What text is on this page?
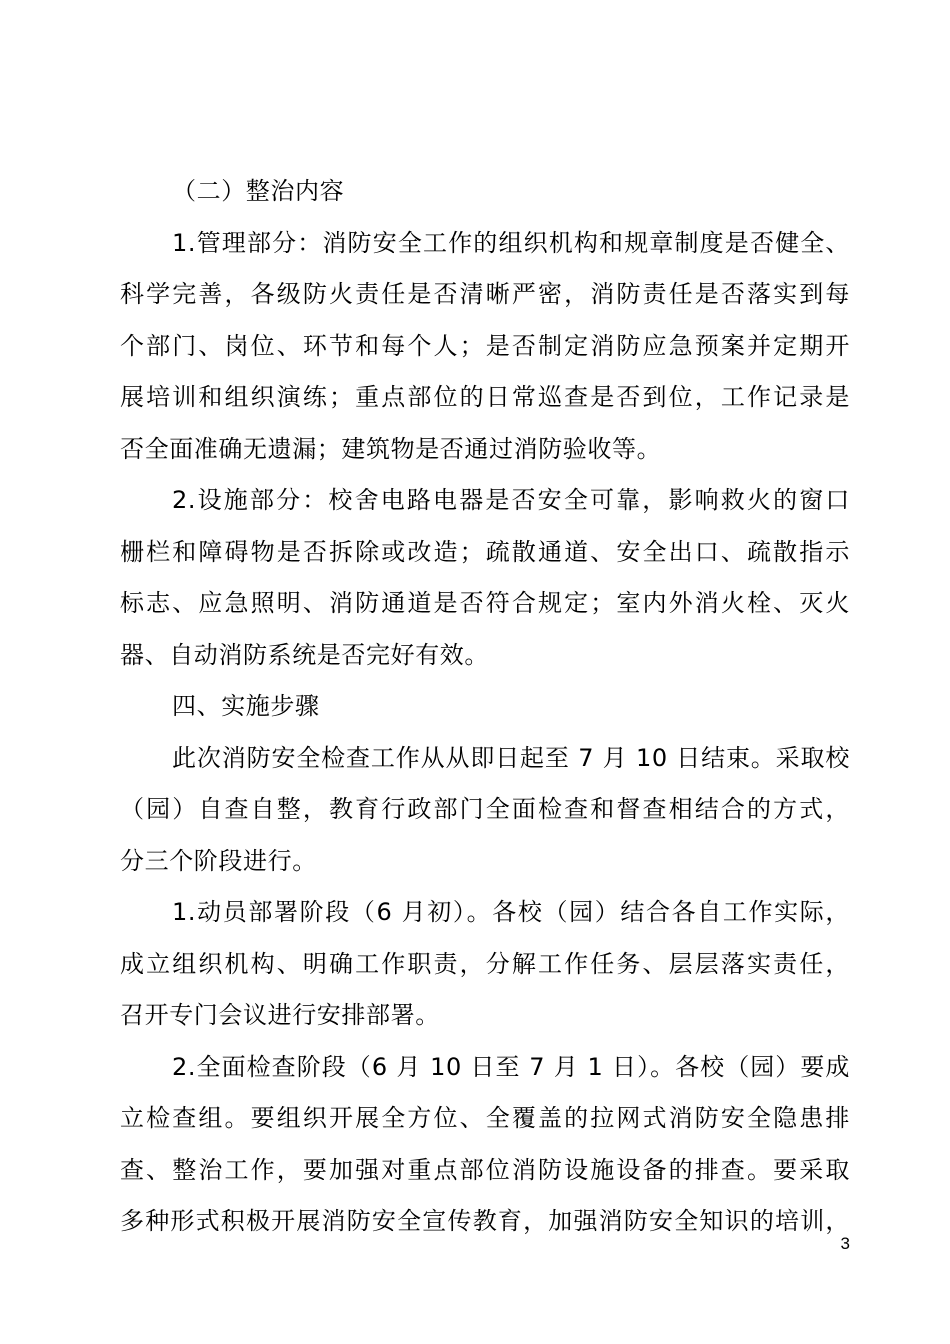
（二）整治内容
1.管理部分：消防安全工作的组织机构和规章制度是否健全、
科学完善，各级防火责任是否清晰严密，消防责任是否落实到每
个部门、岗位、环节和每个人；是否制定消防应急预案并定期开
展培训和组织演练；重点部位的日常巡查是否到位，工作记录是
否全面准确无遗漏；建筑物是否通过消防验收等。
2.设施部分：校舍电路电器是否安全可靠，影响救火的窗口
栅栏和障碍物是否拆除或改造；疏散通道、安全出口、疏散指示
标志、应急照明、消防通道是否符合规定；室内外消火栓、灭火
器、自动消防系统是否完好有效。
四、实施步骤
此次消防安全检查工作从从即日起至 7 月 10 日结束。采取校
（园）自查自整，教育行政部门全面检查和督查相结合的方式，
分三个阶段进行。
1.动员部署阶段（6 月初）。各校（园）结合各自工作实际，
成立组织机构、明确工作职责，分解工作任务、层层落实责任，
召开专门会议进行安排部署。
2.全面检查阶段（6 月 10 日至 7 月 1 日）。各校（园）要成
立检查组。要组织开展全方位、全覆盖的拉网式消防安全隐患排
查、整治工作，要加强对重点部位消防设施设备的排查。要采取
多种形式积极开展消防安全宣传教育，加强消防安全知识的培训，
3
